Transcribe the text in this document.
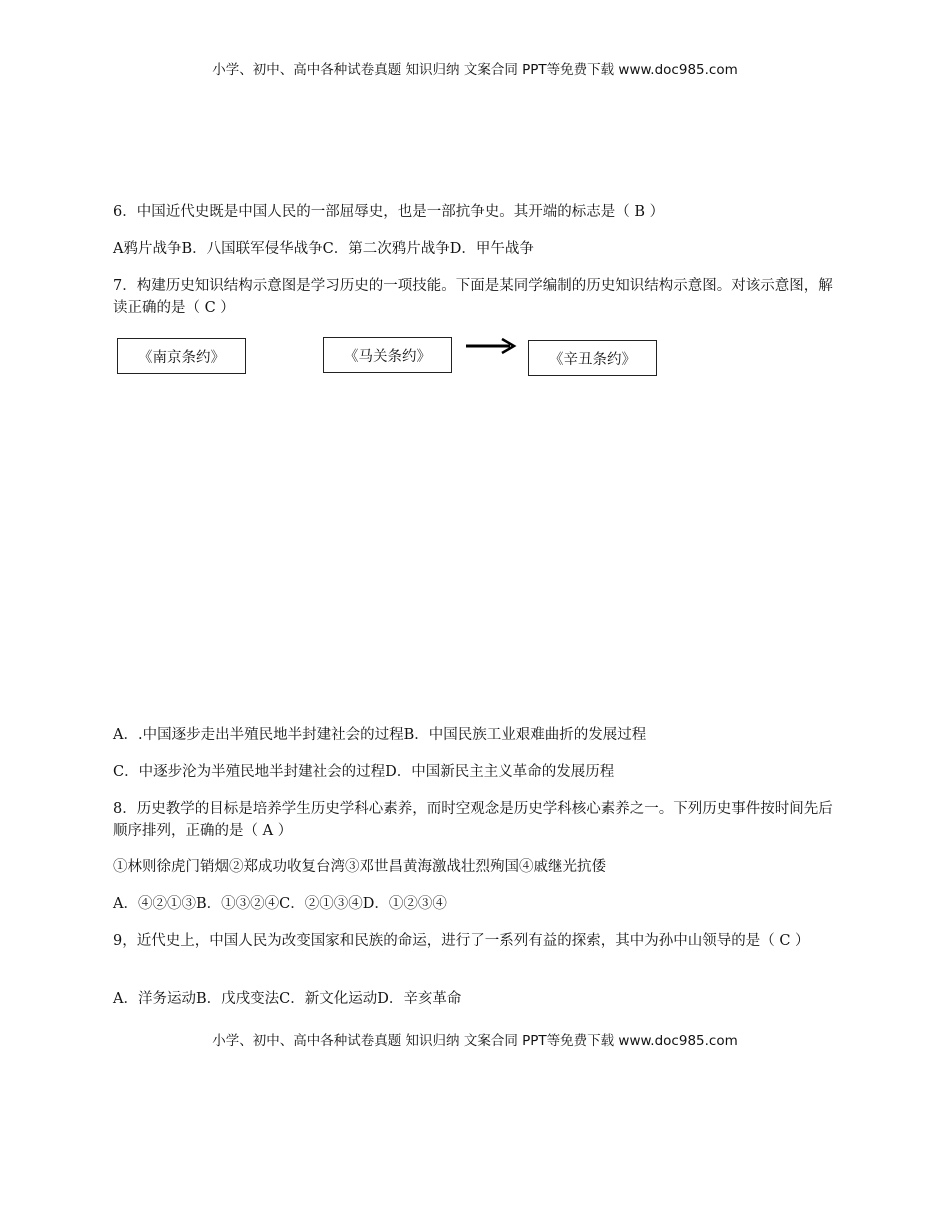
小学、初中、高中各种试卷真题 知识归纳 文案合同 PPT等免费下载 www.doc985.com
6．中国近代史既是中国人民的一部屈辱史，也是一部抗争史。其开端的标志是（ B ）
A鸦片战争B．八国联军侵华战争C．第二次鸦片战争D．甲午战争
7．构建历史知识结构示意图是学习历史的一项技能。下面是某同学编制的历史知识结构示意图。对该示意图，解读正确的是（ C ）
《南京条约》	《马关条约》	《辛丑条约》
A．.中国逐步走出半殖民地半封建社会的过程B．中国民族工业艰难曲折的发展过程
C．中逐步沦为半殖民地半封建社会的过程D．中国新民主主义革命的发展历程
8．历史教学的目标是培养学生历史学科心素养，而时空观念是历史学科核心素养之一。下列历史事件按时间先后顺序排列，正确的是（ A ）
①林则徐虎门销烟②郑成功收复台湾③邓世昌黄海激战壮烈殉国④戚继光抗倭
A．④②①③B．①③②④C．②①③④D．①②③④
9，近代史上，中国人民为改变国家和民族的命运，进行了一系列有益的探索，其中为孙中山领导的是（ C ）
A．洋务运动B．戊戌变法C．新文化运动D．辛亥革命
小学、初中、高中各种试卷真题 知识归纳 文案合同 PPT等免费下载 www.doc985.com
